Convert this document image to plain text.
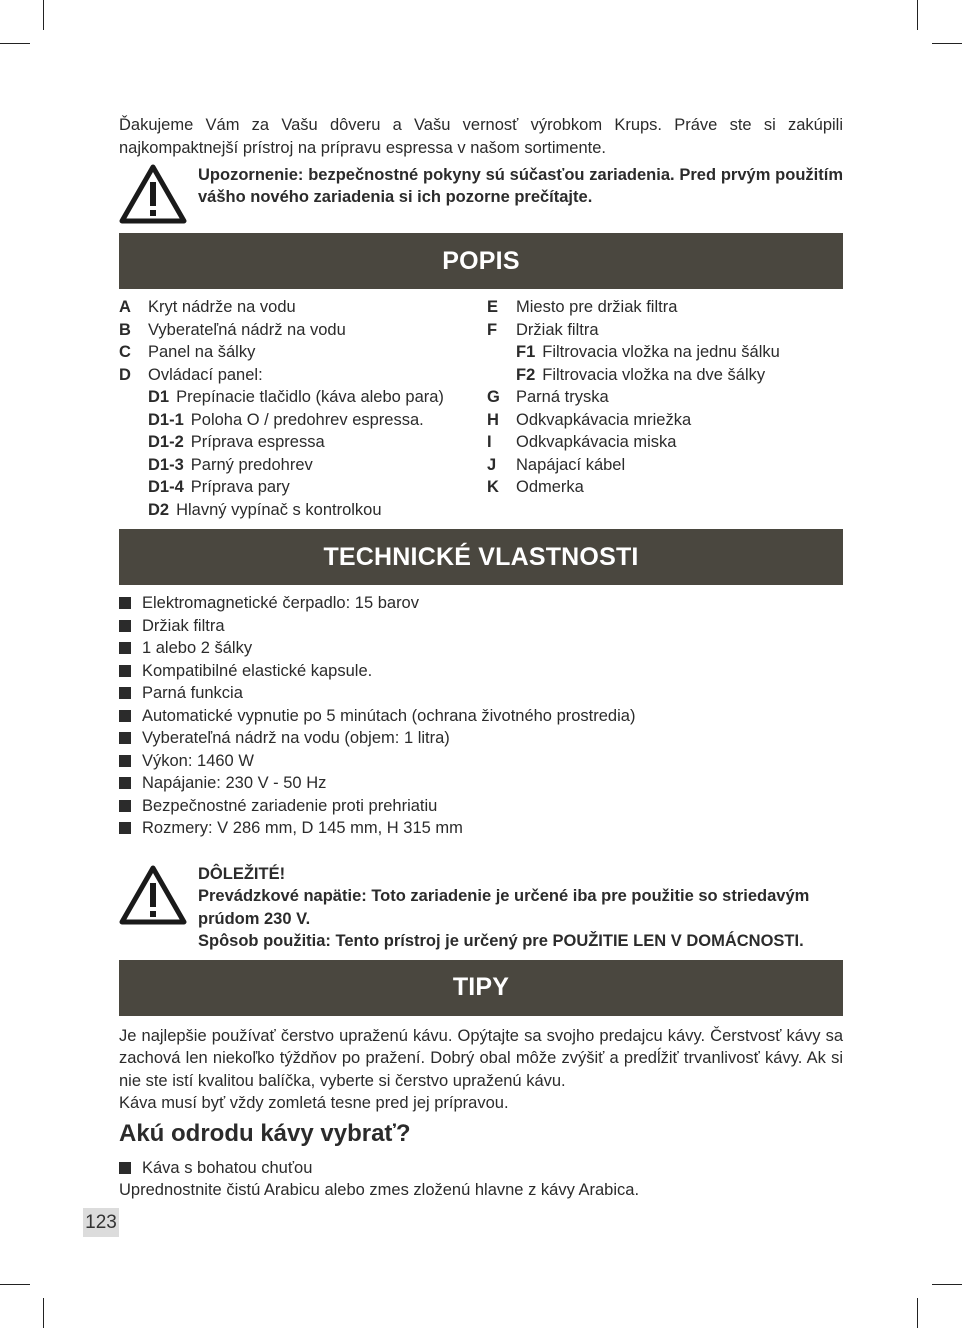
Ďakujeme Vám za Vašu dôveru a Vašu vernosť výrobkom Krups. Práve ste si zakúpili najkompaktnejší prístroj na prípravu espressa v našom sortimente.

Upozornenie: bezpečnostné pokyny sú súčasťou zariadenia. Pred prvým použitím vášho nového zariadenia si ich pozorne prečítajte.

POPIS
A	Kryt nádrže na vodu
B	Vyberateľná nádrž na vodu
C	Panel na šálky
D	Ovládací panel:
D1 Prepínacie tlačidlo (káva alebo para)
D1-1 Poloha O / predohrev espressa.
D1-2 Príprava espressa
D1-3 Parný predohrev
D1-4 Príprava pary
D2 Hlavný vypínač s kontrolkou
E	Miesto pre držiak filtra
F	Držiak filtra
F1 Filtrovacia vložka na jednu šálku
F2 Filtrovacia vložka na dve šálky
G Parná tryska
H	Odkvapkávacia mriežka
I	Odkvapkávacia miska
J	Napájací kábel
K	Odmerka
TECHNICKÉ VLASTNOSTI
Elektromagnetické čerpadlo: 15 barov
Držiak filtra
1 alebo 2 šálky
Kompatibilné elastické kapsule.
Parná funkcia
Automatické vypnutie po 5 minútach (ochrana životného prostredia)
Vyberateľná nádrž na vodu (objem: 1 litra)
Výkon: 1460 W
Napájanie: 230 V - 50 Hz
Bezpečnostné zariadenie proti prehriatiu
Rozmery: V 286 mm, D 145 mm, H 315 mm
DÔLEŽITÉ!
Prevádzkové napätie: Toto zariadenie je určené iba pre použitie so striedavým prúdom 230 V.
Spôsob použitia: Tento prístroj je určený pre POUŽITIE LEN V DOMÁCNOSTI.
TIPY

Je najlepšie používať čerstvo upraženú kávu. Opýtajte sa svojho predajcu kávy. Čerstvosť kávy sa zachová len niekoľko týždňov po pražení. Dobrý obal môže zvýšiť a predĺžiť trvanlivosť kávy. Ak si nie ste istí kvalitou balíčka, vyberte si čerstvo upraženú kávu.

Káva musí byť vždy zomletá tesne pred jej prípravou.

Akú odrodu kávy vybrať?
Káva s bohatou chuťou

Uprednostnite čistú Arabicu alebo zmes zloženú hlavne z kávy Arabica.

123
